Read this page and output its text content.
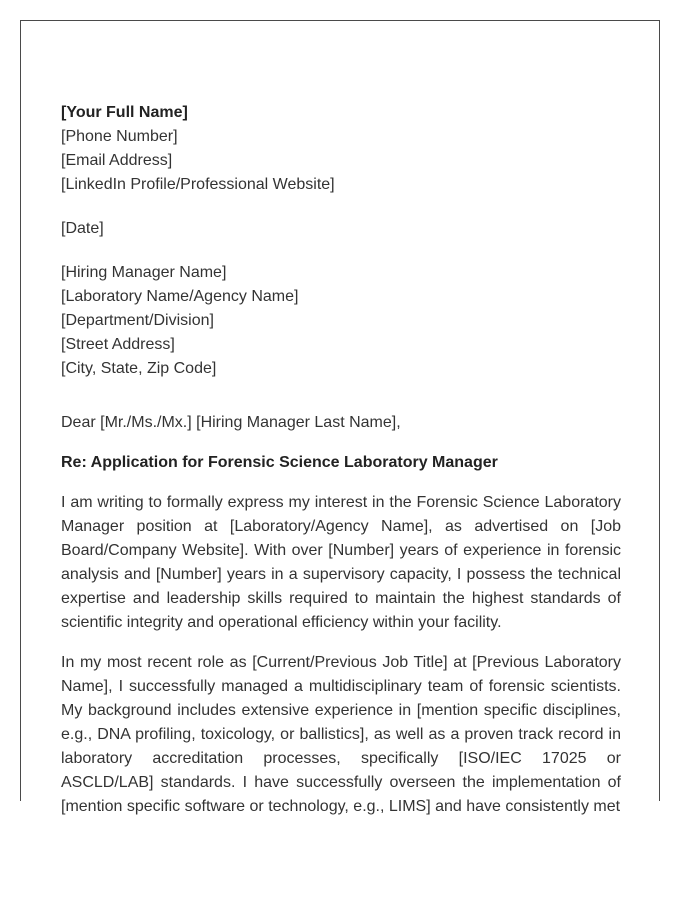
[Your Full Name]
[Phone Number]
[Email Address]
[LinkedIn Profile/Professional Website]
[Date]
[Hiring Manager Name]
[Laboratory Name/Agency Name]
[Department/Division]
[Street Address]
[City, State, Zip Code]
Dear [Mr./Ms./Mx.] [Hiring Manager Last Name],
Re: Application for Forensic Science Laboratory Manager

I am writing to formally express my interest in the Forensic Science Laboratory Manager position at [Laboratory/Agency Name], as advertised on [Job Board/Company Website]. With over [Number] years of experience in forensic analysis and [Number] years in a supervisory capacity, I possess the technical expertise and leadership skills required to maintain the highest standards of scientific integrity and operational efficiency within your facility.

In my most recent role as [Current/Previous Job Title] at [Previous Laboratory Name], I successfully managed a multidisciplinary team of forensic scientists. My background includes extensive experience in [mention specific disciplines, e.g., DNA profiling, toxicology, or ballistics], as well as a proven track record in laboratory accreditation processes, specifically [ISO/IEC 17025 or ASCLD/LAB] standards. I have successfully overseen the implementation of [mention specific software or technology, e.g., LIMS] and have consistently met
